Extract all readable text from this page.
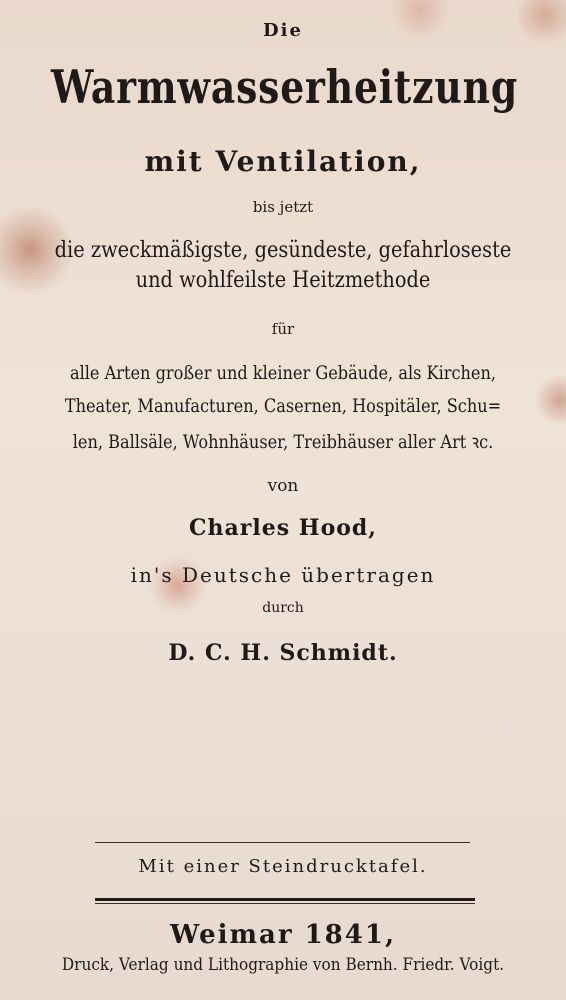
Die
Warmwasserheitzung
mit Ventilation,
bis jetzt
die zweckmäßigste, gesündeste, gefahrloseste
und wohlfeilste Heitzmethode
für
alle Arten großer und kleiner Gebäude, als Kirchen,
Theater, Manufacturen, Casernen, Hospitäler, Schu=
len, Ballsäle, Wohnhäuser, Treibhäuser aller Art ꝛc.
von
Charles Hood,
in's Deutsche übertragen
durch
D. C. H. Schmidt.
Mit einer Steindrucktafel.
Weimar 1841,
Druck, Verlag und Lithographie von Bernh. Friedr. Voigt.
